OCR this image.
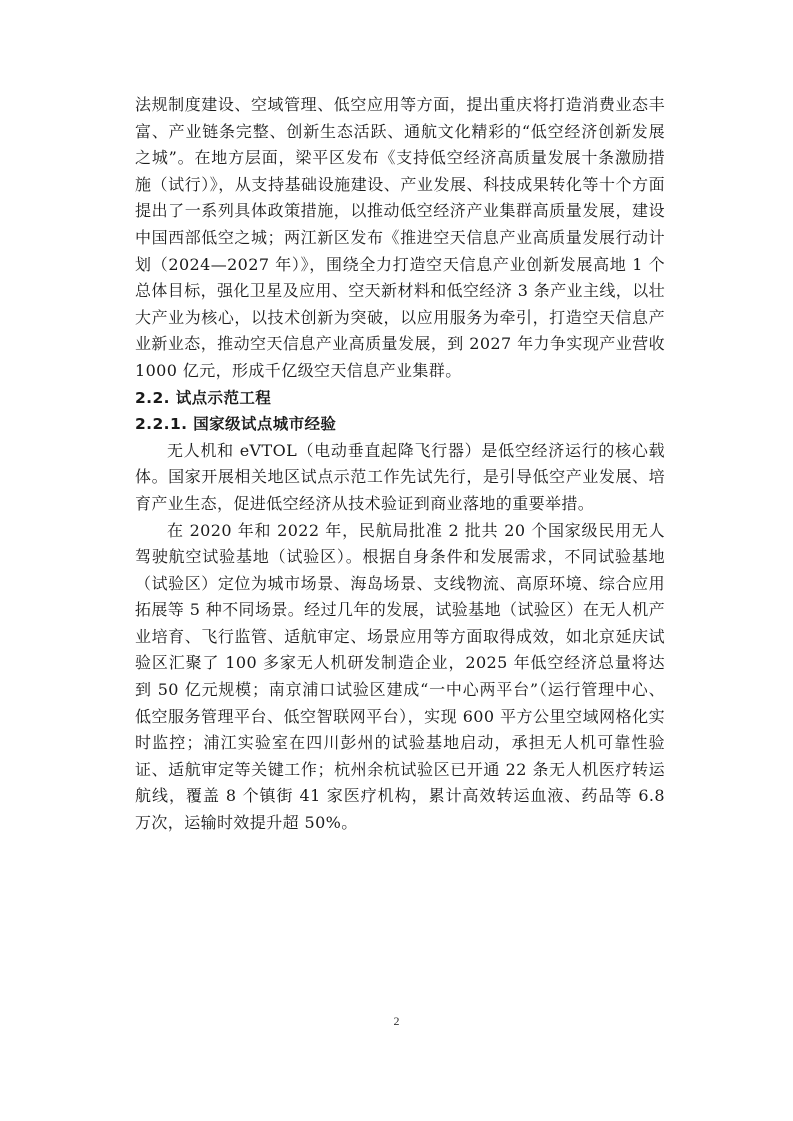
法规制度建设、空域管理、低空应用等方面，提出重庆将打造消费业态丰富、产业链条完整、创新生态活跃、通航文化精彩的“低空经济创新发展之城”。在地方层面，梁平区发布《支持低空经济高质量发展十条激励措施（试行）》，从支持基础设施建设、产业发展、科技成果转化等十个方面提出了一系列具体政策措施，以推动低空经济产业集群高质量发展，建设中国西部低空之城；两江新区发布《推进空天信息产业高质量发展行动计划（2024—2027 年）》，围绕全力打造空天信息产业创新发展高地 1 个总体目标，强化卫星及应用、空天新材料和低空经济 3 条产业主线，以壮大产业为核心，以技术创新为突破，以应用服务为牵引，打造空天信息产业新业态，推动空天信息产业高质量发展，到 2027 年力争实现产业营收 1000 亿元，形成千亿级空天信息产业集群。

2.2. 试点示范工程

2.2.1. 国家级试点城市经验

无人机和 eVTOL（电动垂直起降飞行器）是低空经济运行的核心载体。国家开展相关地区试点示范工作先试先行，是引导低空产业发展、培育产业生态，促进低空经济从技术验证到商业落地的重要举措。

在 2020 年和 2022 年，民航局批准 2 批共 20 个国家级民用无人驾驶航空试验基地（试验区）。根据自身条件和发展需求，不同试验基地（试验区）定位为城市场景、海岛场景、支线物流、高原环境、综合应用拓展等 5 种不同场景。经过几年的发展，试验基地（试验区）在无人机产业培育、飞行监管、适航审定、场景应用等方面取得成效，如北京延庆试验区汇聚了 100 多家无人机研发制造企业，2025 年低空经济总量将达到 50 亿元规模；南京浦口试验区建成“一中心两平台”（运行管理中心、低空服务管理平台、低空智联网平台），实现 600 平方公里空域网格化实时监控；浦江实验室在四川彭州的试验基地启动，承担无人机可靠性验证、适航审定等关键工作；杭州余杭试验区已开通 22 条无人机医疗转运航线，覆盖 8 个镇街 41 家医疗机构，累计高效转运血液、药品等 6.8 万次，运输时效提升超 50%。

2
